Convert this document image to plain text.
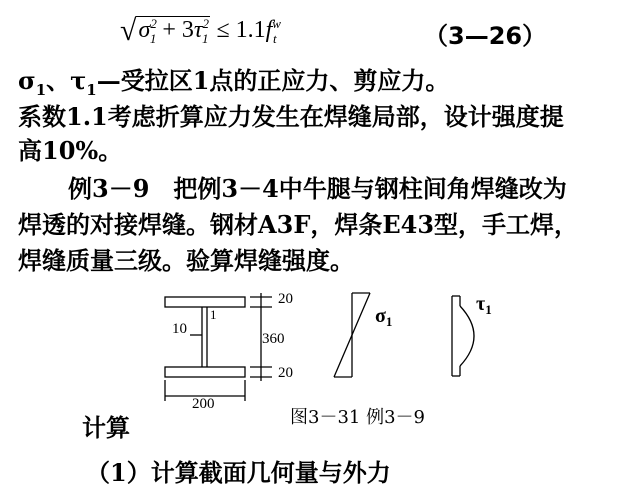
$√\sigma^2_1 + 3\tau^2_1 \le 1.1f^w_t$	（3—26）
$\sigma_1$、$\tau_1—$受拉区1点的正应力、剪应力。
系数1.1考虑折算应力发生在焊缝局部，设计强度提
高10%。
例3－9　把例3－4中牛腿与钢柱间角焊缝改为
焊透的对接焊缝。钢材A3F，焊条E43型，手工焊，
焊缝质量三级。验算焊缝强度。
20
360
20
10
1
200
$\sigma_1$
$\tau_1$
图3－31 例3－9
计算
（1）计算截面几何量与外力
